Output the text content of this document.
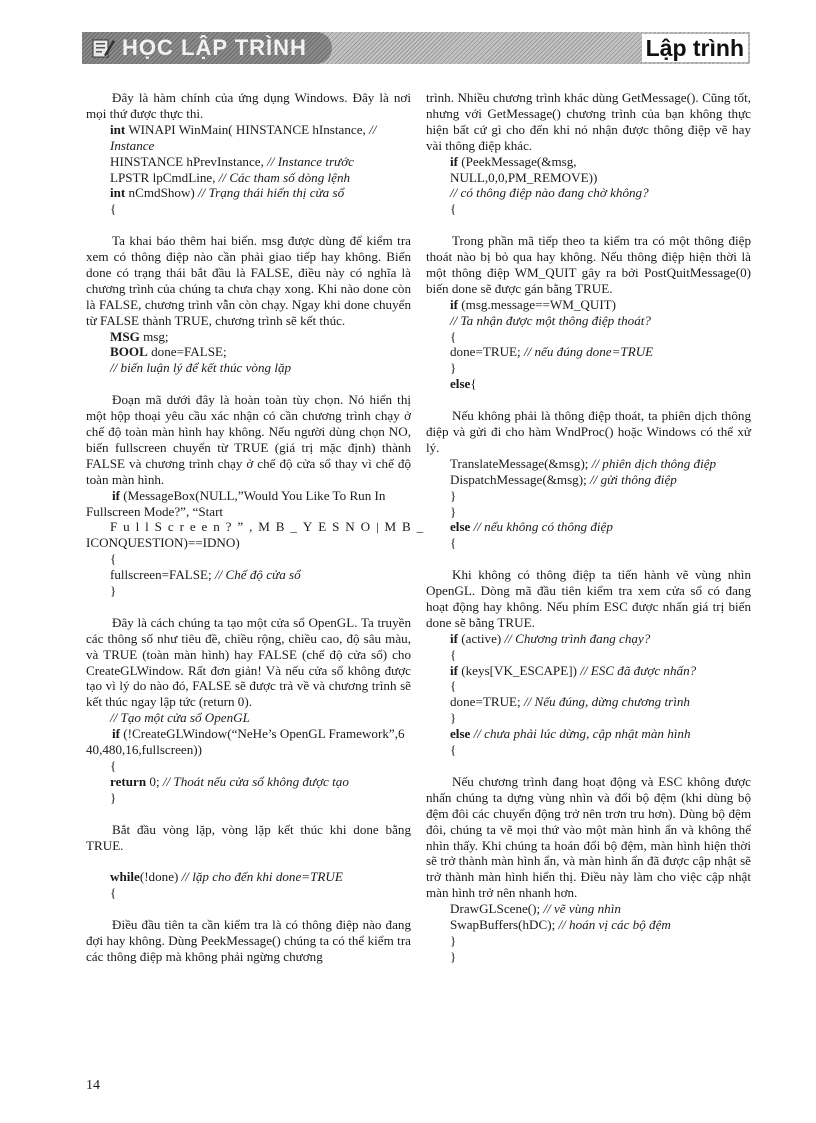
HỌC LẬP TRÌNH	Lập trình

Đây là hàm chính của ứng dụng Windows. Đây là nơi mọi thứ được thực thi.

int WINAPI WinMain( HINSTANCE hInstance, // Instance

HINSTANCE hPrevInstance, // Instance trước

LPSTR lpCmdLine, // Các tham số dòng lệnh

int nCmdShow) // Trạng thái hiển thị cửa sổ

{

Ta khai báo thêm hai biến. msg được dùng để kiểm tra xem có thông điệp nào cần phải giao tiếp hay không. Biến done có trạng thái bắt đầu là FALSE, điều này có nghĩa là chương trình của chúng ta chưa chạy xong. Khi nào done còn là FALSE, chương trình vẫn còn chạy. Ngay khi done chuyển từ FALSE thành TRUE, chương trình sẽ kết thúc.

MSG msg;

BOOL done=FALSE;

// biến luận lý để kết thúc vòng lặp

Đoạn mã dưới đây là hoàn toàn tùy chọn. Nó hiển thị một hộp thoại yêu cầu xác nhận có cần chương trình chạy ở chế độ toàn màn hình hay không. Nếu người dùng chọn NO, biến fullscreen chuyển từ TRUE (giá trị mặc định) thành FALSE và chương trình chạy ở chế độ cửa sổ thay vì chế độ toàn màn hình.

if (MessageBox(NULL,”Would You Like To Run In Fullscreen Mode?”, “Start

FullScreen?”,MB_YESNO|MB_

ICONQUESTION)==IDNO)

{

fullscreen=FALSE; // Chế độ cửa sổ

}

Đây là cách chúng ta tạo một cửa sổ OpenGL. Ta truyền các thông số như tiêu đề, chiều rộng, chiều cao, độ sâu màu, và TRUE (toàn màn hình) hay FALSE (chế độ cửa sổ) cho CreateGLWindow. Rất đơn giản! Và nếu cửa sổ không được tạo vì lý do nào đó, FALSE sẽ được trả về và chương trình sẽ kết thúc ngay lập tức (return 0).

// Tạo một cửa sổ OpenGL

if (!CreateGLWindow(“NeHe’s OpenGL Framework”,640,480,16,fullscreen))

{

return 0; // Thoát nếu cửa sổ không được tạo

}

Bắt đầu vòng lặp, vòng lặp kết thúc khi done bằng TRUE.

while(!done) // lặp cho đến khi done=TRUE

{

Điều đầu tiên ta cần kiểm tra là có thông điệp nào đang đợi hay không. Dùng PeekMessage() chúng ta có thể kiểm tra các thông điệp mà không phải ngừng chương

trình. Nhiều chương trình khác dùng GetMessage(). Cũng tốt, nhưng với GetMessage() chương trình của bạn không thực hiện bất cứ gì cho đến khi nó nhận được thông điệp vẽ hay vài thông điệp khác.

if (PeekMessage(&msg,

NULL,0,0,PM_REMOVE))

// có thông điệp nào đang chờ không?

{

Trong phần mã tiếp theo ta kiểm tra có một thông điệp thoát nào bị bỏ qua hay không. Nếu thông điệp hiện thời là một thông điệp WM_QUIT gây ra bởi PostQuitMessage(0) biến done sẽ được gán bằng TRUE.

if (msg.message==WM_QUIT)

// Ta nhận được một thông điệp thoát?

{

done=TRUE; // nếu đúng done=TRUE

}

else{

Nếu không phải là thông điệp thoát, ta phiên dịch thông điệp và gửi đi cho hàm WndProc() hoặc Windows có thể xử lý.

TranslateMessage(&msg); // phiên dịch thông điệp

DispatchMessage(&msg); // gửi thông điệp

}

}

else // nếu không có thông điệp

{

Khi không có thông điệp ta tiến hành vẽ vùng nhìn OpenGL. Dòng mã đầu tiên kiểm tra xem cửa sổ có đang hoạt động hay không. Nếu phím ESC được nhấn giá trị biến done sẽ bằng TRUE.

if (active) // Chương trình đang chạy?

{

if (keys[VK_ESCAPE]) // ESC đã được nhấn?

{

done=TRUE; // Nếu đúng, dừng chương trình

}

else // chưa phải lúc dừng, cập nhật màn hình

{

Nếu chương trình đang hoạt động và ESC không được nhấn chúng ta dựng vùng nhìn và đổi bộ đệm (khi dùng bộ đệm đôi các chuyển động trở nên trơn tru hơn). Dùng bộ đệm đôi, chúng ta vẽ mọi thứ vào một màn hình ẩn và không thể nhìn thấy. Khi chúng ta hoán đổi bộ đệm, màn hình hiện thời sẽ trở thành màn hình ẩn, và màn hình ẩn đã được cập nhật sẽ trở thành màn hình hiển thị. Điều này làm cho việc cập nhật màn hình trở nên nhanh hơn.

DrawGLScene(); // vẽ vùng nhìn

SwapBuffers(hDC); // hoán vị các bộ đệm

}

}

14
